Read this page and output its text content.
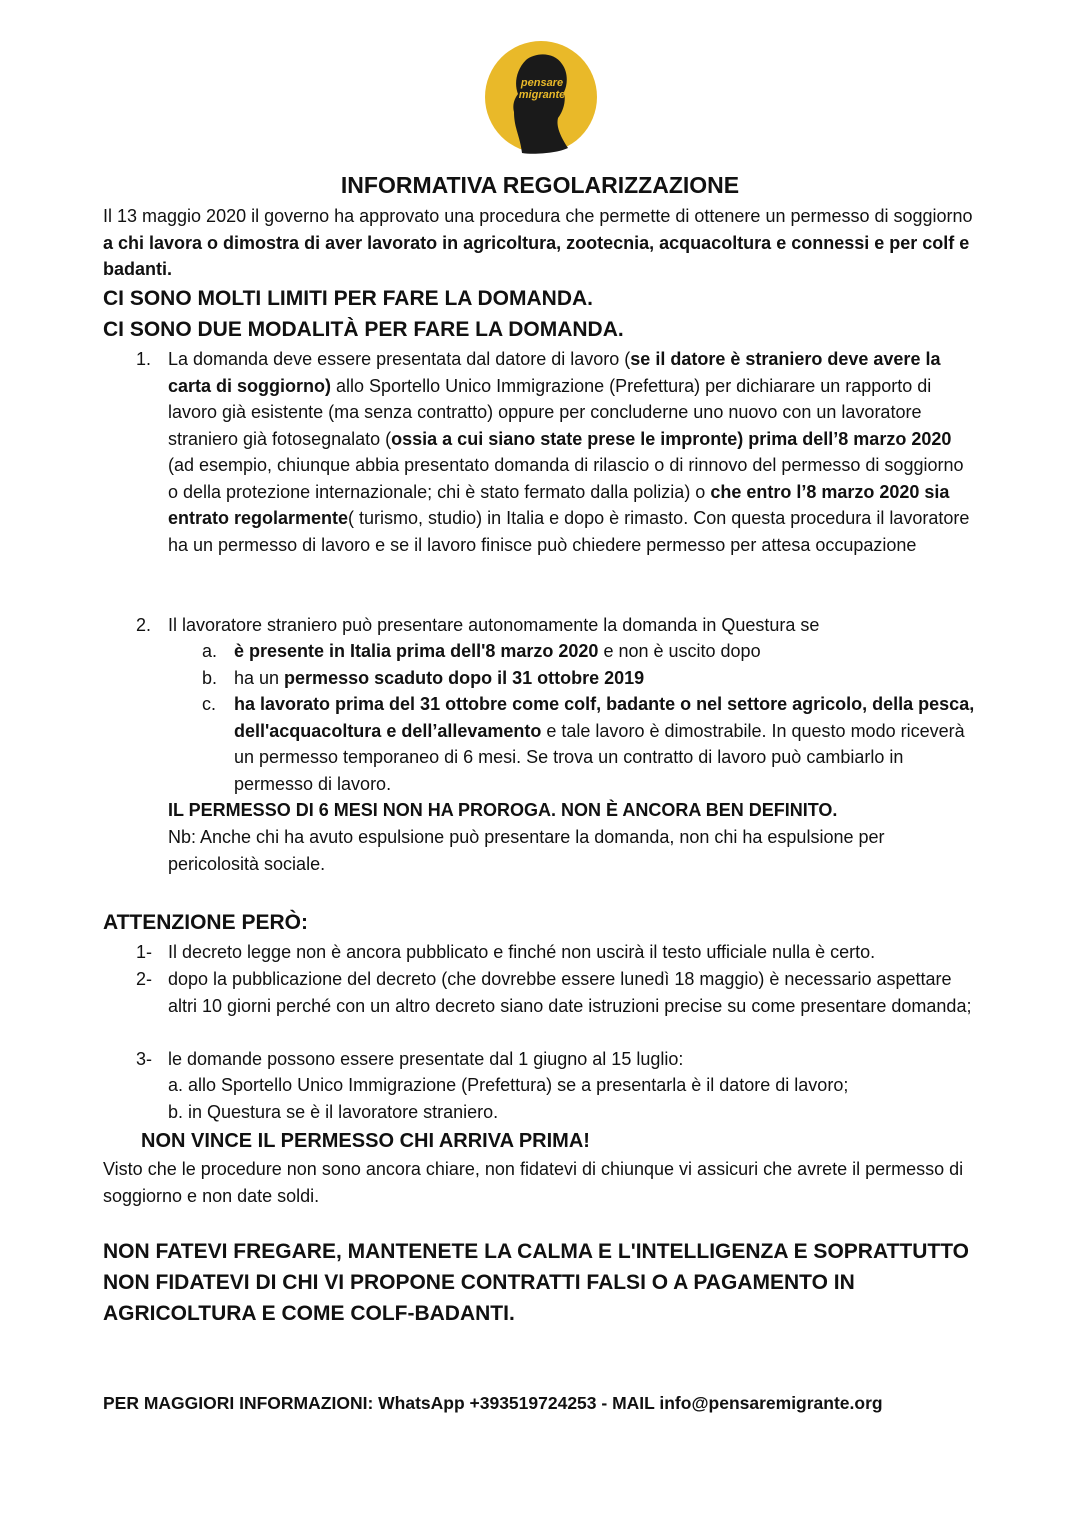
pensare
migrante
INFORMATIVA REGOLARIZZAZIONE
Il 13 maggio 2020 il governo ha approvato una procedura che permette di ottenere un permesso di soggiorno a chi lavora o dimostra di aver lavorato in agricoltura, zootecnia, acquacoltura e connessi e per colf e badanti.
CI SONO MOLTI LIMITI PER FARE LA DOMANDA.
CI SONO DUE MODALITÀ PER FARE LA DOMANDA.
1. La domanda deve essere presentata dal datore di lavoro (se il datore è straniero deve avere la carta di soggiorno) allo Sportello Unico Immigrazione (Prefettura) per dichiarare un rapporto di lavoro già esistente (ma senza contratto) oppure per concluderne uno nuovo con un lavoratore straniero già fotosegnalato (ossia a cui siano state prese le impronte) prima dell’8 marzo 2020 (ad esempio, chiunque abbia presentato domanda di rilascio o di rinnovo del permesso di soggiorno o della protezione internazionale; chi è stato fermato dalla polizia) o che entro l’8 marzo 2020 sia entrato regolarmente( turismo, studio) in Italia e dopo è rimasto. Con questa procedura il lavoratore ha un permesso di lavoro e se il lavoro finisce può chiedere permesso per attesa occupazione
2. Il lavoratore straniero può presentare autonomamente la domanda in Questura se
a. è presente in Italia prima dell'8 marzo 2020 e non è uscito dopo
b. ha un permesso scaduto dopo il 31 ottobre 2019
c. ha lavorato prima del 31 ottobre come colf, badante o nel settore agricolo, della pesca, dell'acquacoltura e dell’allevamento e tale lavoro è dimostrabile. In questo modo riceverà un permesso temporaneo di 6 mesi. Se trova un contratto di lavoro può cambiarlo in permesso di lavoro.
IL PERMESSO DI 6 MESI NON HA PROROGA. NON È ANCORA BEN DEFINITO.
Nb: Anche chi ha avuto espulsione può presentare la domanda, non chi ha espulsione per pericolosità sociale.
ATTENZIONE PERÒ:
1- Il decreto legge non è ancora pubblicato e finché non uscirà il testo ufficiale nulla è certo.
2- dopo la pubblicazione del decreto (che dovrebbe essere lunedì 18 maggio) è necessario aspettare altri 10 giorni perché con un altro decreto siano date istruzioni precise su come presentare domanda;
3- le domande possono essere presentate dal 1 giugno al 15 luglio:
a. allo Sportello Unico Immigrazione (Prefettura) se a presentarla è il datore di lavoro;
b. in Questura se è il lavoratore straniero.
NON VINCE IL PERMESSO CHI ARRIVA PRIMA!
Visto che le procedure non sono ancora chiare, non fidatevi di chiunque vi assicuri che avrete il permesso di soggiorno e non date soldi.
NON FATEVI FREGARE, MANTENETE LA CALMA E L'INTELLIGENZA E SOPRATTUTTO NON FIDATEVI DI CHI VI PROPONE CONTRATTI FALSI O A PAGAMENTO IN AGRICOLTURA E COME COLF-BADANTI.
PER MAGGIORI INFORMAZIONI: WhatsApp +393519724253 - MAIL info@pensaremigrante.org
